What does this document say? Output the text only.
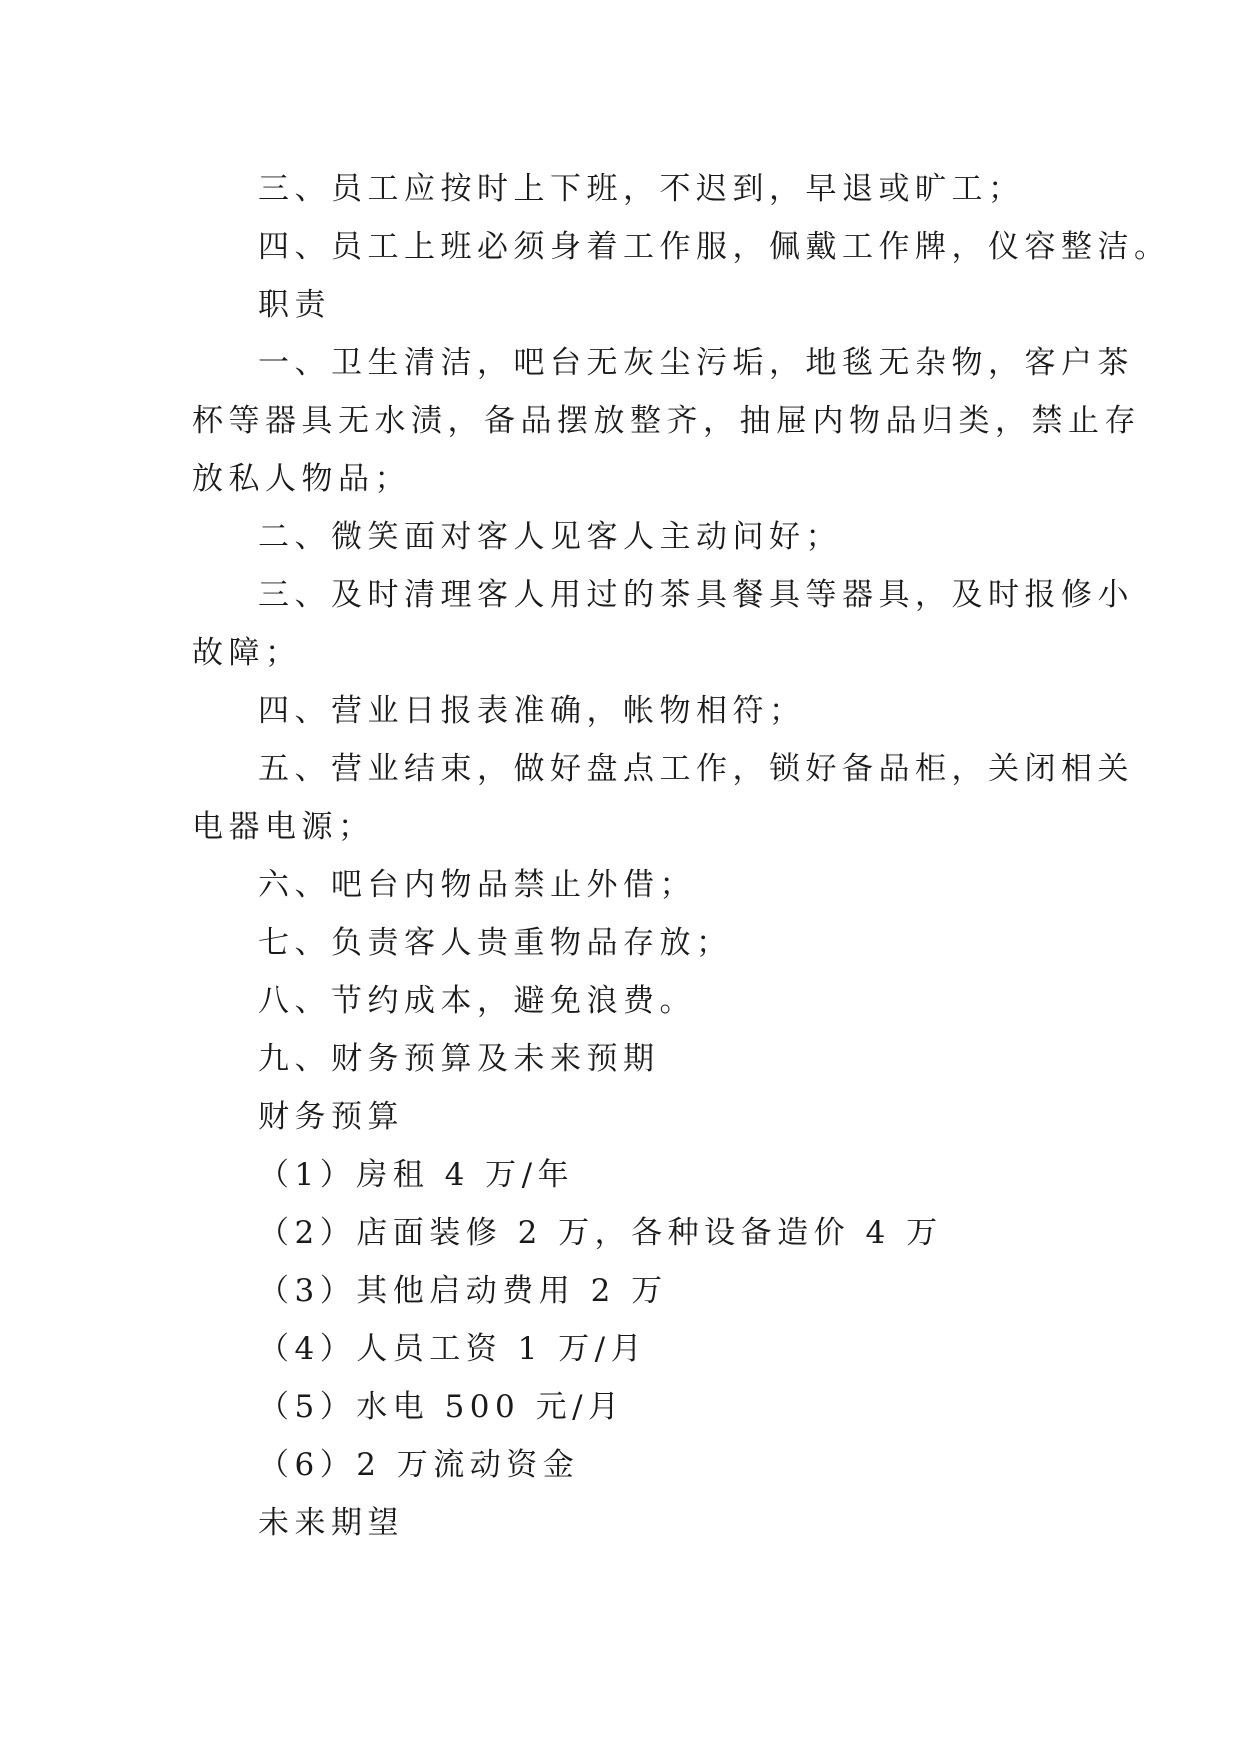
三、员工应按时上下班，不迟到，早退或旷工；
四、员工上班必须身着工作服，佩戴工作牌，仪容整洁。
职责
一、卫生清洁，吧台无灰尘污垢，地毯无杂物，客户茶
杯等器具无水渍，备品摆放整齐，抽屉内物品归类，禁止存
放私人物品；
二、微笑面对客人见客人主动问好；
三、及时清理客人用过的茶具餐具等器具，及时报修小
故障；
四、营业日报表准确，帐物相符；
五、营业结束，做好盘点工作，锁好备品柜，关闭相关
电器电源；
六、吧台内物品禁止外借；
七、负责客人贵重物品存放；
八、节约成本，避免浪费。
九、财务预算及未来预期
财务预算
（1）房租 4 万/年
（2）店面装修 2 万，各种设备造价 4 万
（3）其他启动费用 2 万
（4）人员工资 1 万/月
（5）水电 500 元/月
（6）2 万流动资金
未来期望
